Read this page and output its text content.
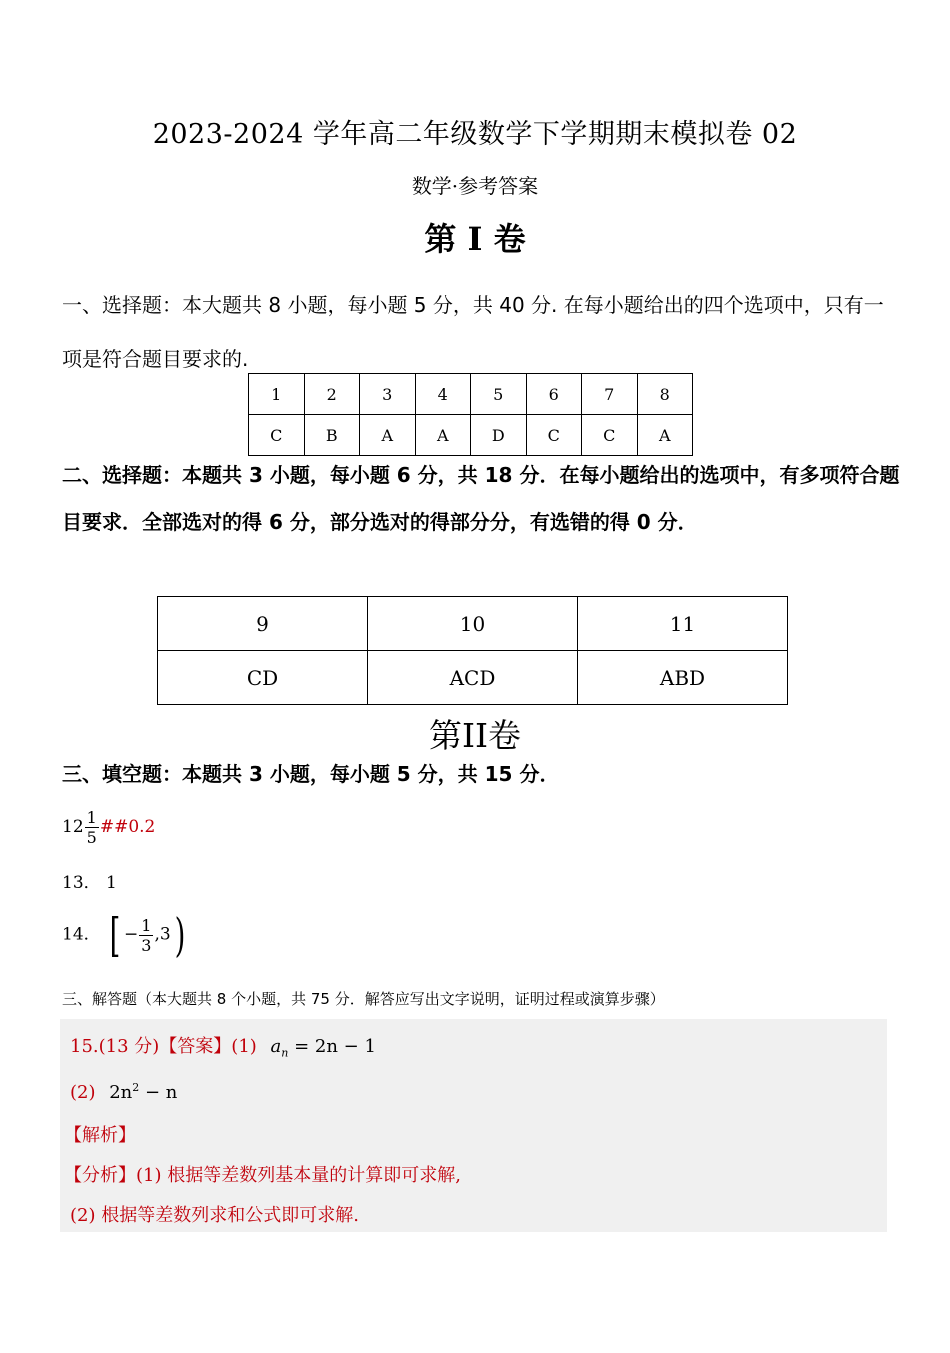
2023-2024 学年高二年级数学下学期期末模拟卷 02
数学·参考答案
第 I 卷
一、选择题：本大题共 8 小题，每小题 5 分，共 40 分. 在每小题给出的四个选项中，只有一项是符合题目要求的.
1	2	3	4	5	6	7	8
C	B	A	A	D	C	C	A
二、选择题：本题共 3 小题，每小题 6 分，共 18 分．在每小题给出的选项中，有多项符合题目要求．全部选对的得 6 分，部分选对的得部分分，有选错的得 0 分．
9	10	11
CD	ACD	ABD
第II卷
三、填空题：本题共 3 小题，每小题 5 分，共 15 分．
$12 \frac{1}{5}$ ##0.2
13． 1
14． [ − $\frac{1}{3} ,3$)
三、解答题（本大题共 8 个小题，共 75 分．解答应写出文字说明，证明过程或演算步骤）
15.(13 分)【答案】(1) $a_n = 2n - 1$
(2) $2n^2 - n$
【解析】
【分析】(1) 根据等差数列基本量的计算即可求解,
(2) 根据等差数列求和公式即可求解.
